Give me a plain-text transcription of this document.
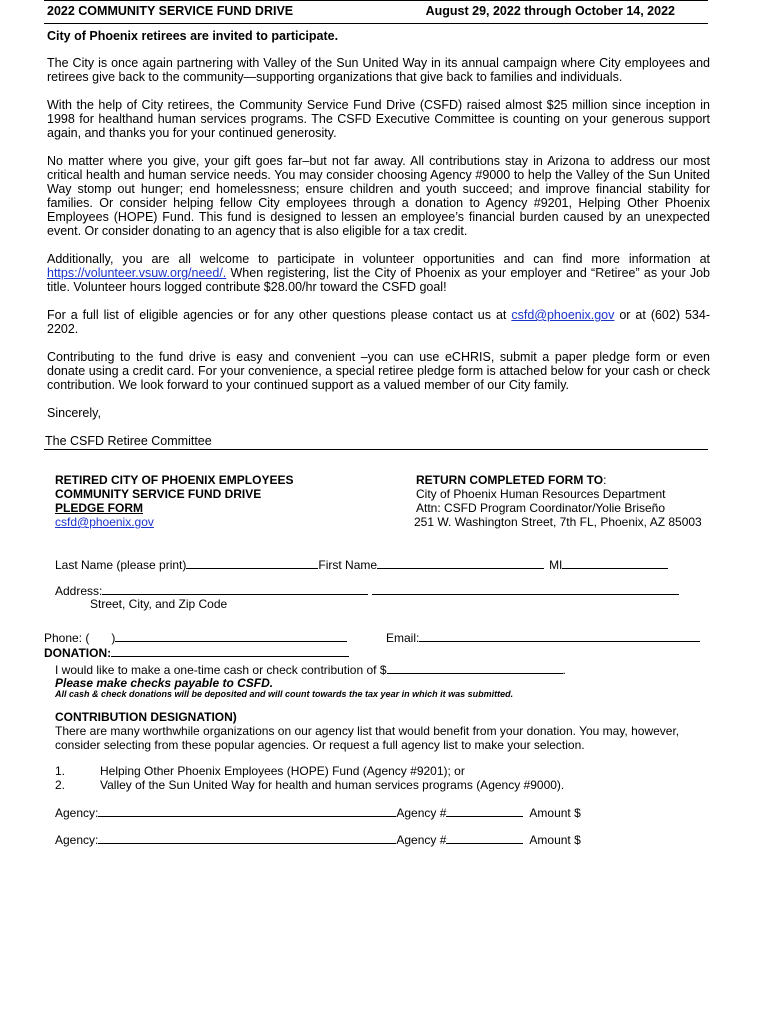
2022 COMMUNITY SERVICE FUND DRIVE	August 29, 2022 through October 14, 2022

City of Phoenix retirees are invited to participate.

The City is once again partnering with Valley of the Sun United Way in its annual campaign where City employees and retirees give back to the community—supporting organizations that give back to families and individuals.

With the help of City retirees, the Community Service Fund Drive (CSFD) raised almost $25 million since inception in 1998 for healthand human services programs. The CSFD Executive Committee is counting on your generous support again, and thanks you for your continued generosity.

No matter where you give, your gift goes far–but not far away. All contributions stay in Arizona to address our most critical health and human service needs. You may consider choosing Agency #9000 to help the Valley of the Sun United Way stomp out hunger; end homelessness; ensure children and youth succeed; and improve financial stability for families. Or consider helping fellow City employees through a donation to Agency #9201, Helping Other Phoenix Employees (HOPE) Fund. This fund is designed to lessen an employee’s financial burden caused by an unexpected event. Or consider donating to an agency that is also eligible for a tax credit.

Additionally, you are all welcome to participate in volunteer opportunities and can find more information at https://volunteer.vsuw.org/need/. When registering, list the City of Phoenix as your employer and “Retiree” as your Job title. Volunteer hours logged contribute $28.00/hr toward the CSFD goal!

For a full list of eligible agencies or for any other questions please contact us at csfd@phoenix.gov or at (602) 534-2202.

Contributing to the fund drive is easy and convenient –you can use eCHRIS, submit a paper pledge form or even donate using a credit card. For your convenience, a special retiree pledge form is attached below for your cash or check contribution. We look forward to your continued support as a valued member of our City family.

Sincerely,

The CSFD Retiree Committee

RETIRED CITY OF PHOENIX EMPLOYEES
COMMUNITY SERVICE FUND DRIVE
PLEDGE FORM
csfd@phoenix.gov
RETURN COMPLETED FORM TO:
City of Phoenix Human Resources Department
Attn: CSFD Program Coordinator/Yolie Briseño
251 W. Washington Street, 7th FL, Phoenix, AZ 85003
Last Name (please print)	First Name	MI
Address:
Street, City, and Zip Code
Phone: ( )	Email:
DONATION:
I would like to make a one-time cash or check contribution of $	.
Please make checks payable to CSFD.
All cash & check donations will be deposited and will count towards the tax year in which it was submitted.
CONTRIBUTION DESIGNATION)
There are many worthwhile organizations on our agency list that would benefit from your donation. You may, however, consider selecting from these popular agencies. Or request a full agency list to make your selection.
1.	Helping Other Phoenix Employees (HOPE) Fund (Agency #9201); or
2.	Valley of the Sun United Way for health and human services programs (Agency #9000).
Agency:	Agency #	Amount $
Agency:	Agency #	Amount $
